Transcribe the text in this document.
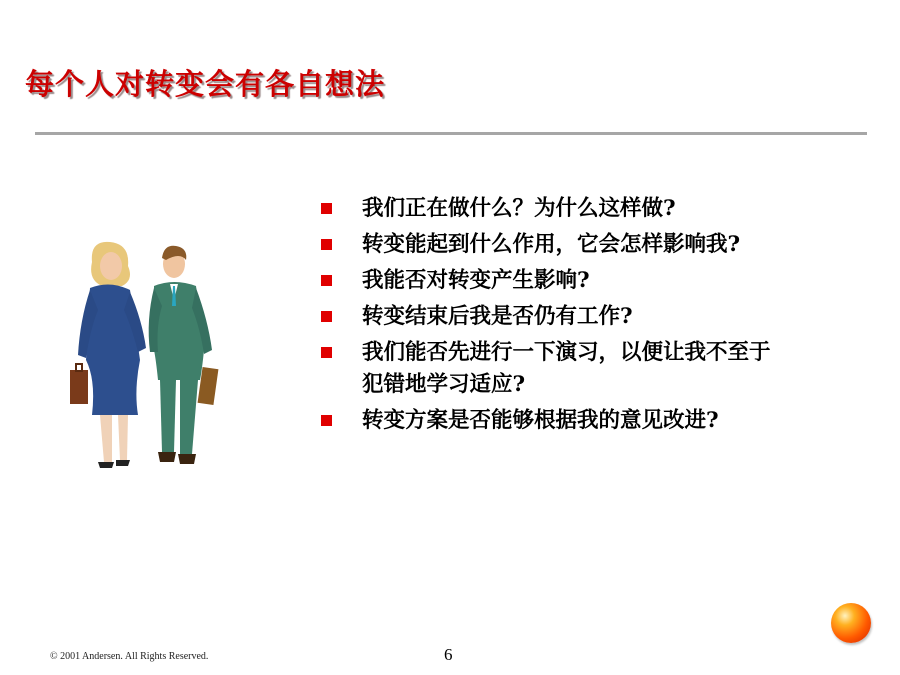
每个人对转变会有各自想法
我们正在做什么？为什么这样做?
转变能起到什么作用，它会怎样影响我?
我能否对转变产生影响?
转变结束后我是否仍有工作?
我们能否先进行一下演习，以便让我不至于犯错地学习适应?
转变方案是否能够根据我的意见改进?
© 2001 Andersen. All Rights Reserved.	6
